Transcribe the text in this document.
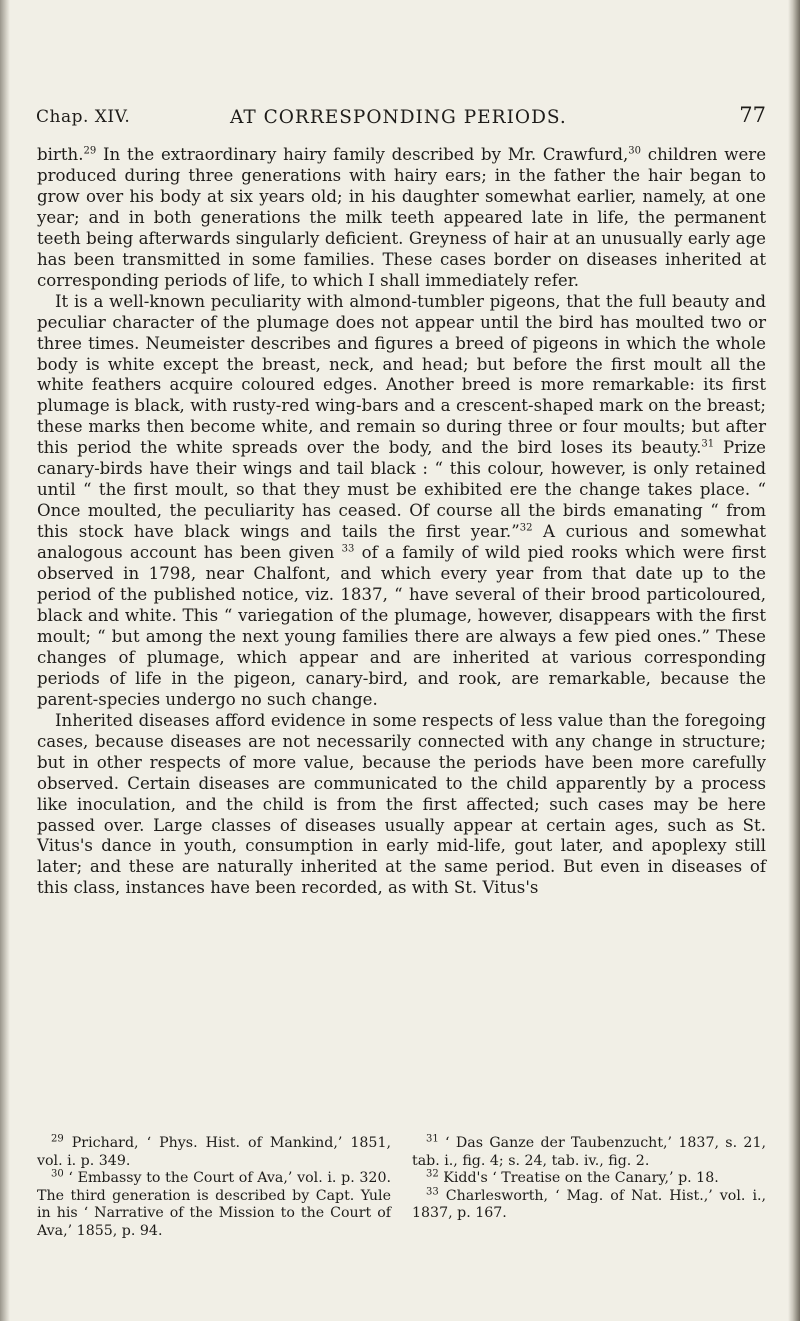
Chap. XIV.	AT CORRESPONDING PERIODS.	77

birth.$^{29}$ In the extraordinary hairy family described by Mr. Crawfurd,$^{30}$ children were produced during three generations with hairy ears; in the father the hair began to grow over his body at six years old; in his daughter somewhat earlier, namely, at one year; and in both generations the milk teeth appeared late in life, the permanent teeth being afterwards singularly deficient. Greyness of hair at an unusually early age has been transmitted in some families. These cases border on diseases inherited at corresponding periods of life, to which I shall immediately refer.

It is a well-known peculiarity with almond-tumbler pigeons, that the full beauty and peculiar character of the plumage does not appear until the bird has moulted two or three times. Neumeister describes and figures a breed of pigeons in which the whole body is white except the breast, neck, and head; but before the first moult all the white feathers acquire coloured edges. Another breed is more remarkable: its first plumage is black, with rusty-red wing-bars and a crescent-shaped mark on the breast; these marks then become white, and remain so during three or four moults; but after this period the white spreads over the body, and the bird loses its beauty.$^{31}$ Prize canary-birds have their wings and tail black : “ this colour, however, is only retained until “ the first moult, so that they must be exhibited ere the change takes place. “ Once moulted, the peculiarity has ceased. Of course all the birds emanating “ from this stock have black wings and tails the first year.”$^{32}$ A curious and somewhat analogous account has been given $^{33}$ of a family of wild pied rooks which were first observed in 1798, near Chalfont, and which every year from that date up to the period of the published notice, viz. 1837, “ have several of their brood particoloured, black and white. This “ variegation of the plumage, however, disappears with the first moult; “ but among the next young families there are always a few pied ones.” These changes of plumage, which appear and are inherited at various corresponding periods of life in the pigeon, canary-bird, and rook, are remarkable, because the parent-species undergo no such change.

Inherited diseases afford evidence in some respects of less value than the foregoing cases, because diseases are not necessarily connected with any change in structure; but in other respects of more value, because the periods have been more carefully observed. Certain diseases are communicated to the child apparently by a process like inoculation, and the child is from the first affected; such cases may be here passed over. Large classes of diseases usually appear at certain ages, such as St. Vitus's dance in youth, consumption in early mid-life, gout later, and apoplexy still later; and these are naturally inherited at the same period. But even in diseases of this class, instances have been recorded, as with St. Vitus's

$^{29}$ Prichard, ‘ Phys. Hist. of Mankind,’ 1851, vol. i. p. 349.

$^{30}$ ‘ Embassy to the Court of Ava,’ vol. i. p. 320. The third generation is described by Capt. Yule in his ‘ Narrative of the Mission to the Court of Ava,’ 1855, p. 94.

$^{31}$ ‘ Das Ganze der Taubenzucht,’ 1837, s. 21, tab. i., fig. 4; s. 24, tab. iv., fig. 2.

$^{32}$ Kidd's ‘ Treatise on the Canary,’ p. 18.

$^{33}$ Charlesworth, ‘ Mag. of Nat. Hist.,’ vol. i., 1837, p. 167.
